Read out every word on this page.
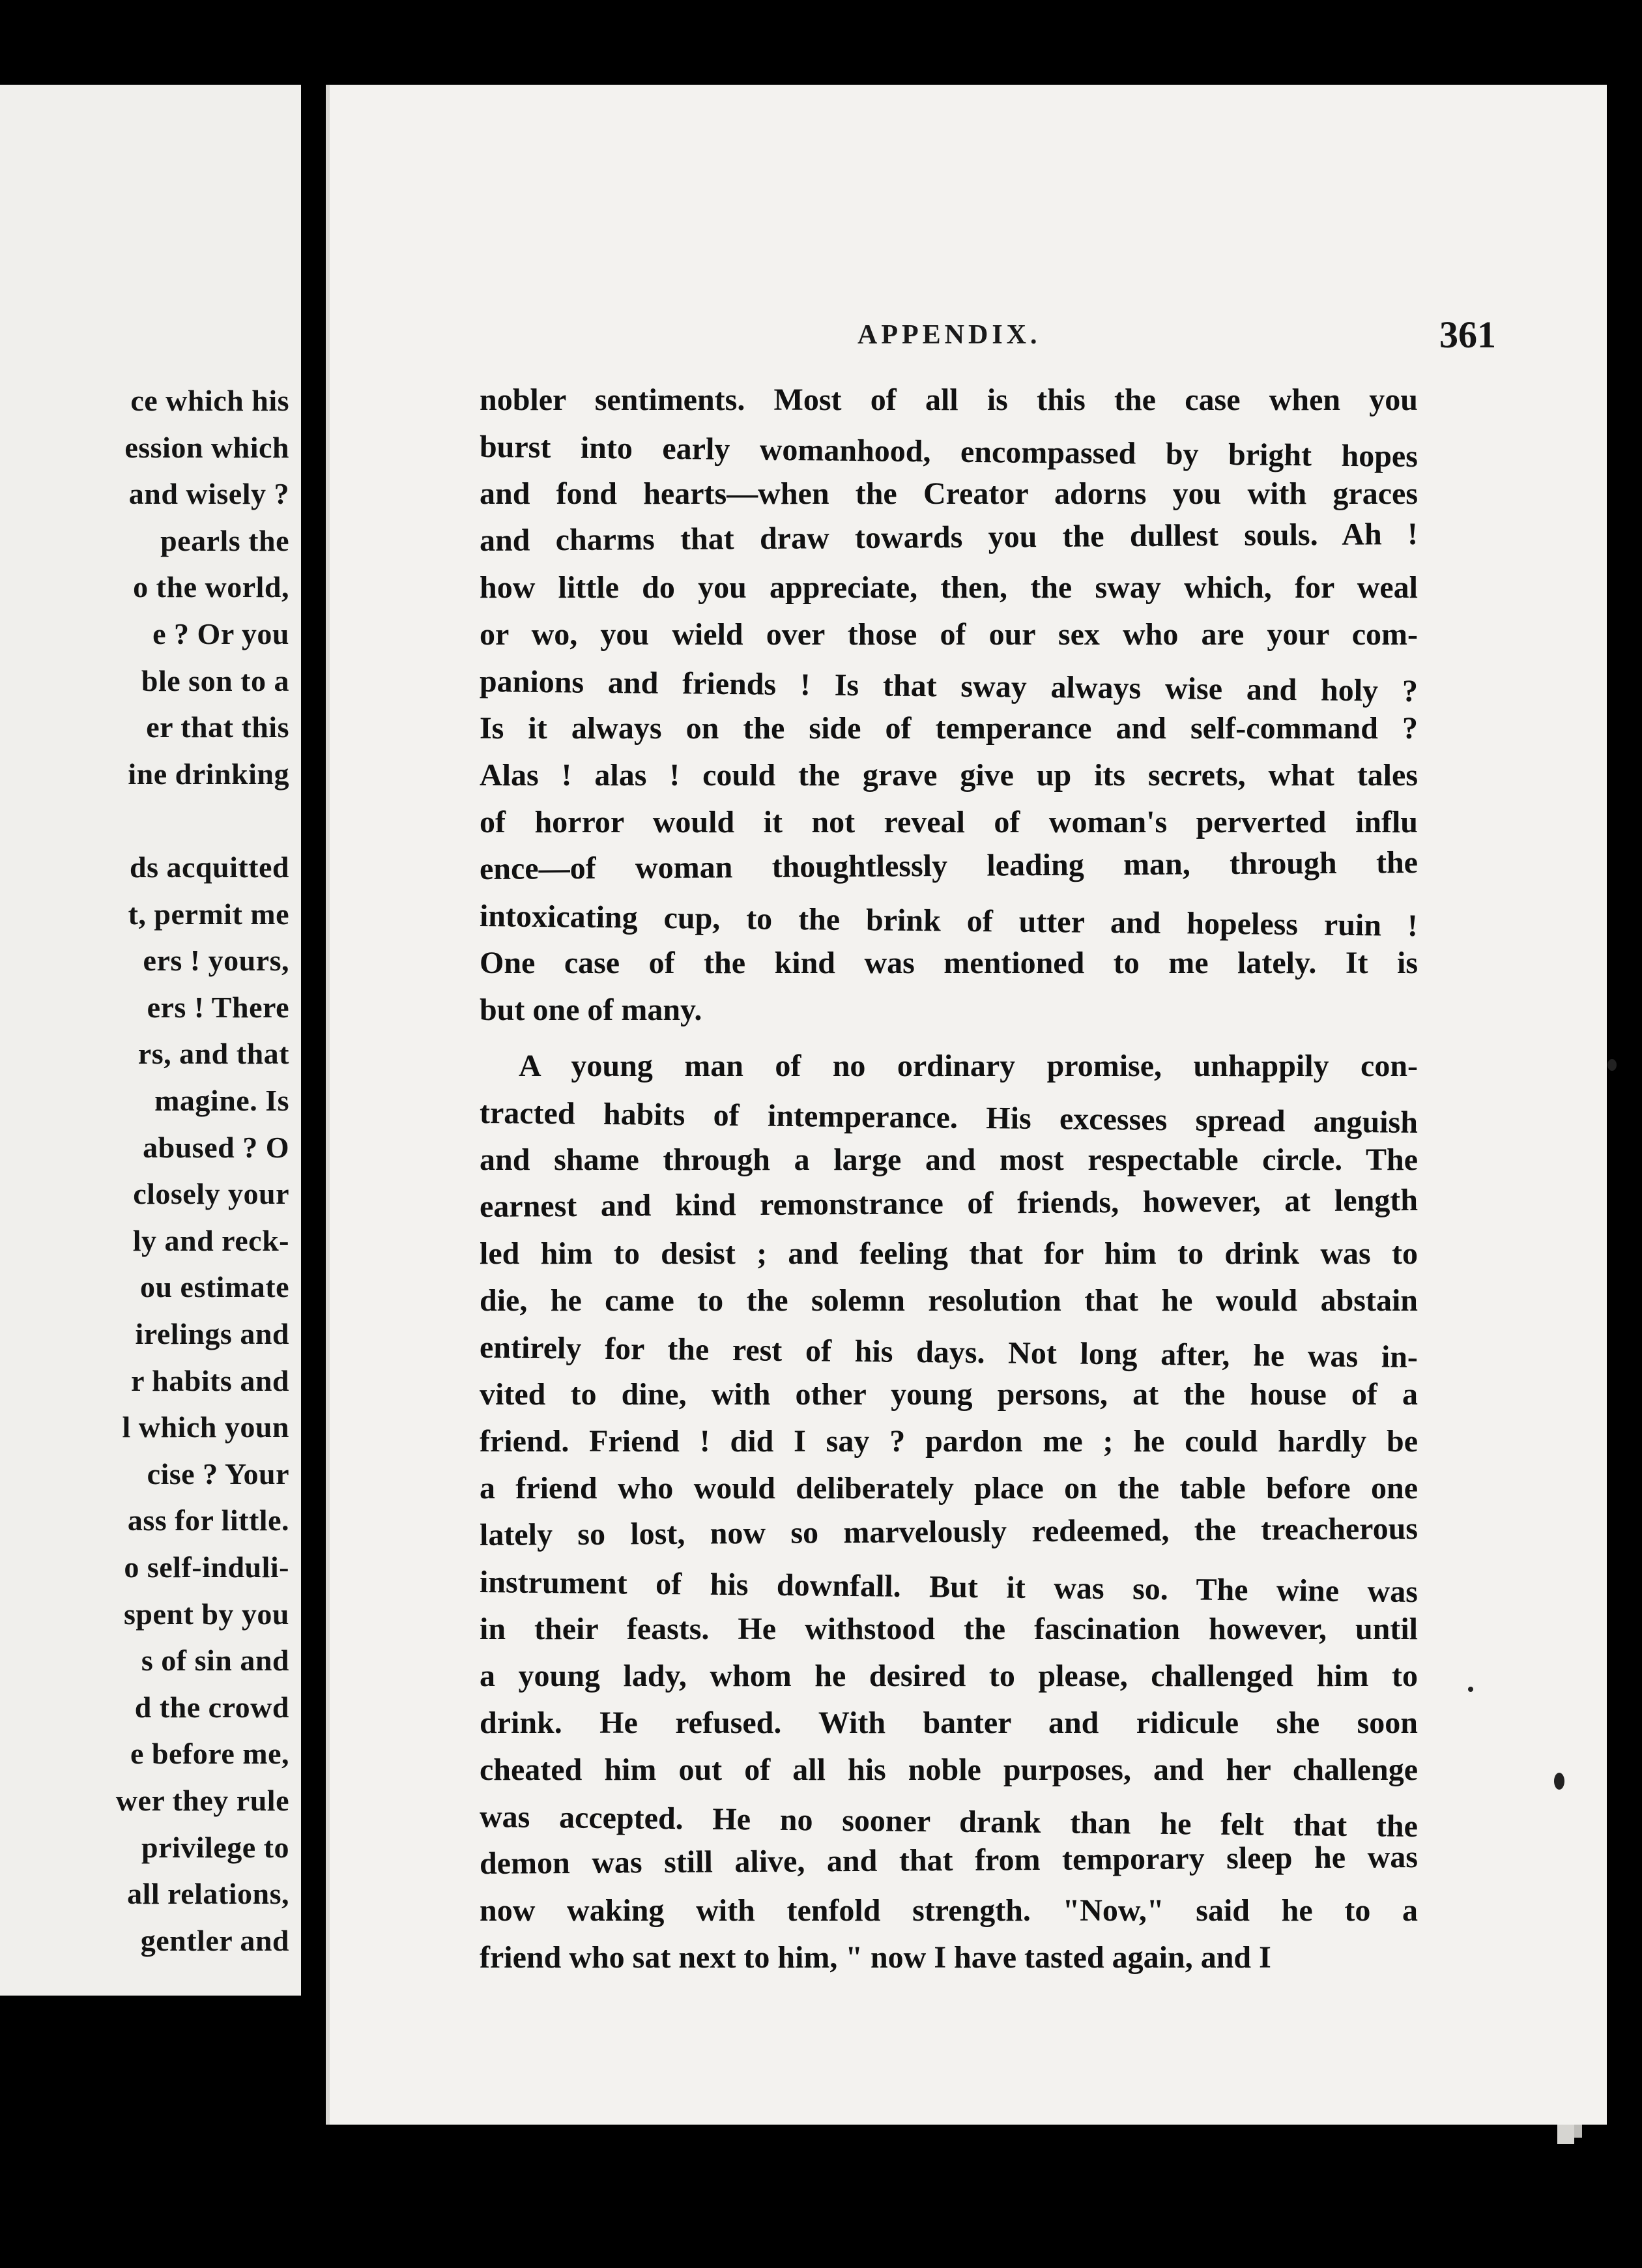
ce which his
ession which
and wisely ?
pearls the
o the world,
e ? Or you
ble son to a
er that this
ine drinking
ds acquitted
t, permit me
ers ! yours,
ers ! There
rs, and that
magine. Is
abused ? O
closely your
ly and reck-
ou estimate
irelings and
r habits and
l which youn
cise ? Your
ass for little.
o self-induli-
spent by you
s of sin and
d the crowd
e before me,
wer they rule
privilege to
all relations,
gentler and
APPENDIX.	361
nobler sentiments. Most of all is this the case when you
burst into early womanhood, encompassed by bright hopes
and fond hearts—when the Creator adorns you with graces
and charms that draw towards you the dullest souls. Ah !
how little do you appreciate, then, the sway which, for weal
or wo, you wield over those of our sex who are your com-
panions and friends ! Is that sway always wise and holy ?
Is it always on the side of temperance and self-command ?
Alas ! alas ! could the grave give up its secrets, what tales
of horror would it not reveal of woman's perverted influ
ence—of woman thoughtlessly leading man, through the
intoxicating cup, to the brink of utter and hopeless ruin !
One case of the kind was mentioned to me lately. It is
but one of many.
A young man of no ordinary promise, unhappily con-
tracted habits of intemperance. His excesses spread anguish
and shame through a large and most respectable circle. The
earnest and kind remonstrance of friends, however, at length
led him to desist ; and feeling that for him to drink was to
die, he came to the solemn resolution that he would abstain
entirely for the rest of his days. Not long after, he was in-
vited to dine, with other young persons, at the house of a
friend. Friend ! did I say ? pardon me ; he could hardly be
a friend who would deliberately place on the table before one
lately so lost, now so marvelously redeemed, the treacherous
instrument of his downfall. But it was so. The wine was
in their feasts. He withstood the fascination however, until
a young lady, whom he desired to please, challenged him to
drink. He refused. With banter and ridicule she soon
cheated him out of all his noble purposes, and her challenge
was accepted. He no sooner drank than he felt that the
demon was still alive, and that from temporary sleep he was
now waking with tenfold strength. "Now," said he to a
friend who sat next to him, " now I have tasted again, and I
